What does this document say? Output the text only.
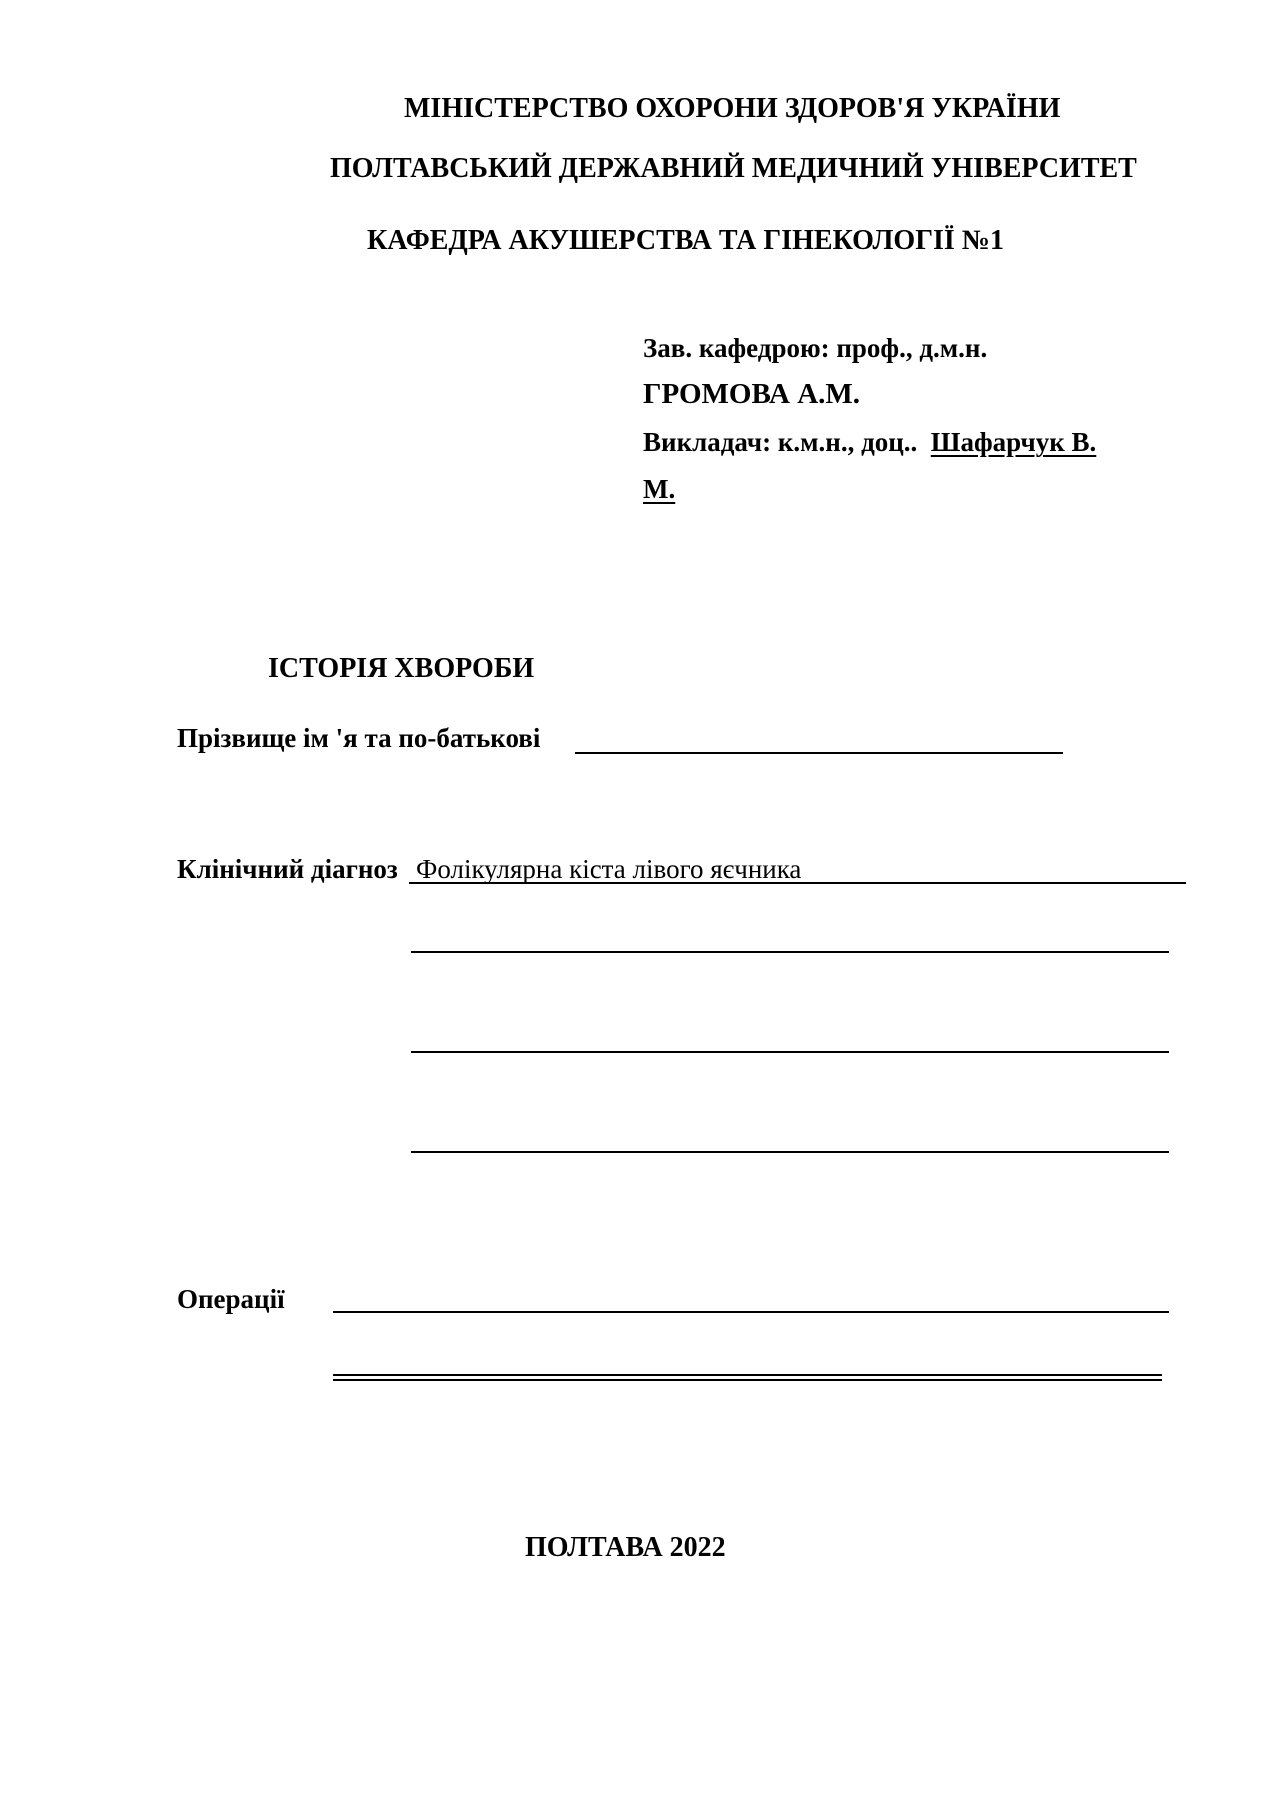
МІНІСТЕРСТВО ОХОРОНИ ЗДОРОВ'Я УКРАЇНИ
ПОЛТАВСЬКИЙ ДЕРЖАВНИЙ МЕДИЧНИЙ УНІВЕРСИТЕТ
КАФЕДРА АКУШЕРСТВА ТА ГІНЕКОЛОГІЇ №1
Зав. кафедрою: проф., д.м.н.
ГРОМОВА А.М.
Викладач: к.м.н., доц.. Шафарчук В.
М.
ІСТОРІЯ ХВОРОБИ
Прізвище ім 'я та по-батькові
Клінічний діагноз Фолікулярна кіста лівого яєчника
Операції
ПОЛТАВА 2022
